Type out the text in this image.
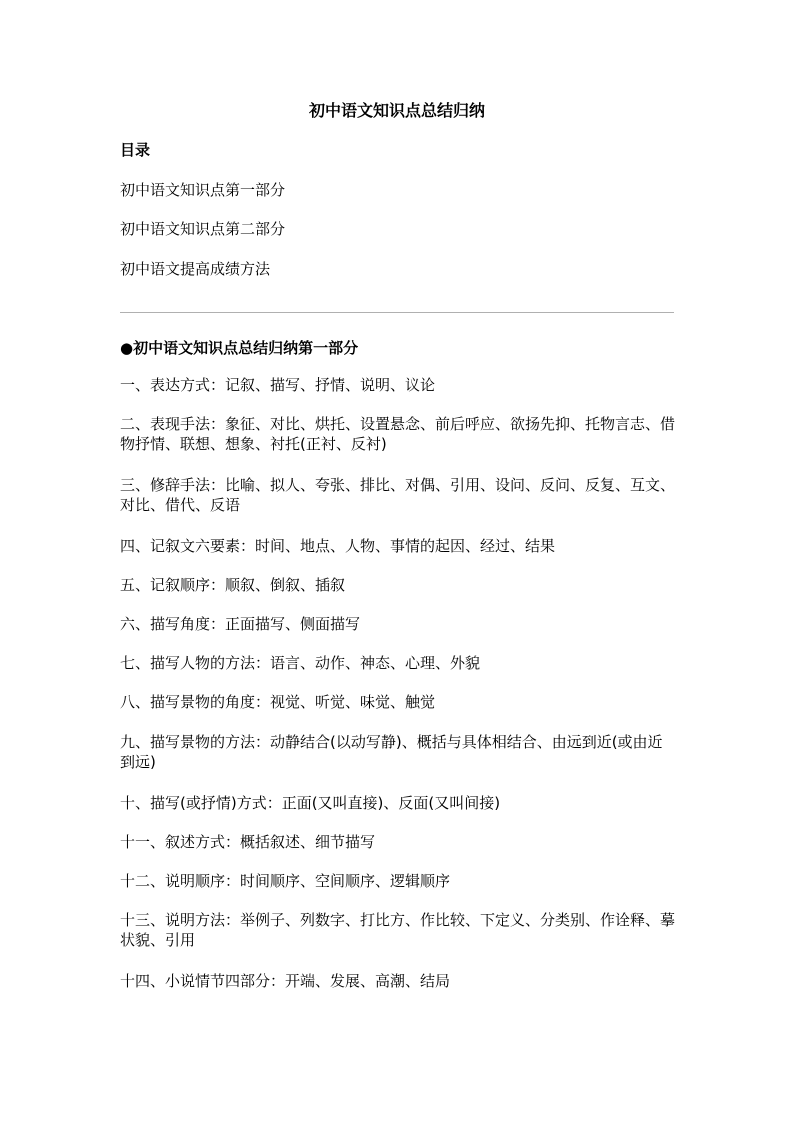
初中语文知识点总结归纳
目录
初中语文知识点第一部分
初中语文知识点第二部分
初中语文提高成绩方法
●初中语文知识点总结归纳第一部分
一、表达方式：记叙、描写、抒情、说明、议论
二、表现手法：象征、对比、烘托、设置悬念、前后呼应、欲扬先抑、托物言志、借物抒情、联想、想象、衬托(正衬、反衬)
三、修辞手法：比喻、拟人、夸张、排比、对偶、引用、设问、反问、反复、互文、对比、借代、反语
四、记叙文六要素：时间、地点、人物、事情的起因、经过、结果
五、记叙顺序：顺叙、倒叙、插叙
六、描写角度：正面描写、侧面描写
七、描写人物的方法：语言、动作、神态、心理、外貌
八、描写景物的角度：视觉、听觉、味觉、触觉
九、描写景物的方法：动静结合(以动写静)、概括与具体相结合、由远到近(或由近到远)
十、描写(或抒情)方式：正面(又叫直接)、反面(又叫间接)
十一、叙述方式：概括叙述、细节描写
十二、说明顺序：时间顺序、空间顺序、逻辑顺序
十三、说明方法：举例子、列数字、打比方、作比较、下定义、分类别、作诠释、摹状貌、引用
十四、小说情节四部分：开端、发展、高潮、结局
